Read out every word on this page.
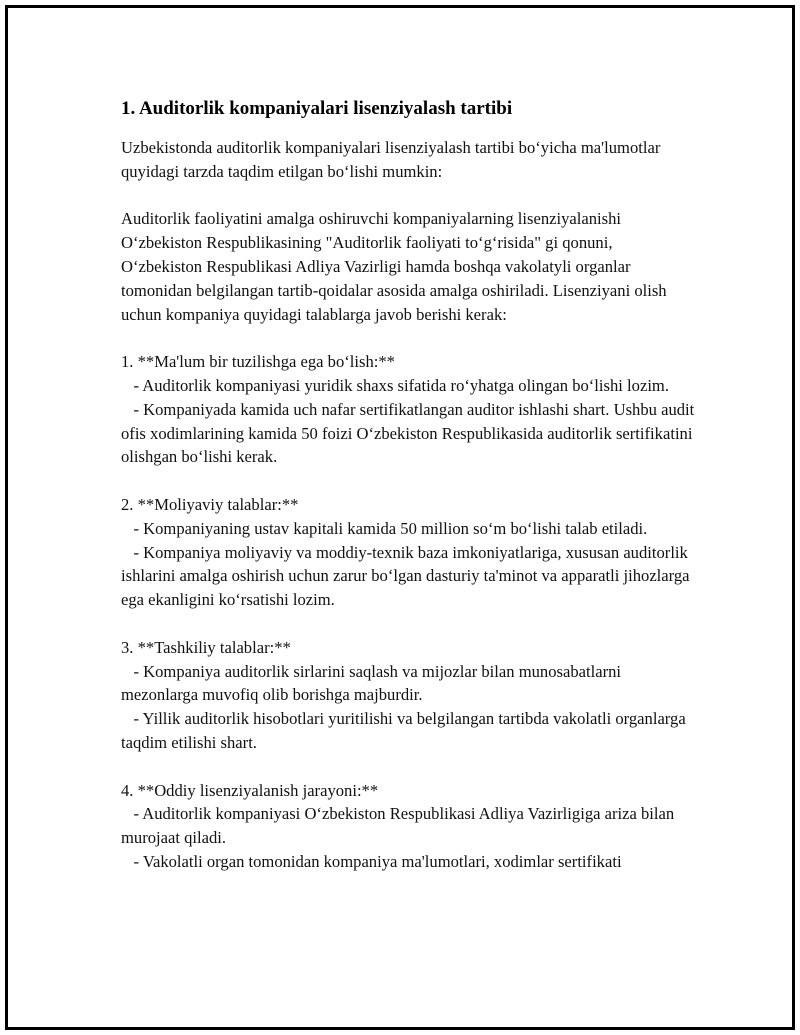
1. Auditorlik kompaniyalari lisenziyalash tartibi

Uzbekistonda auditorlik kompaniyalari lisenziyalash tartibi bo‘yicha ma'lumotlar quyidagi tarzda taqdim etilgan bo‘lishi mumkin:

Auditorlik faoliyatini amalga oshiruvchi kompaniyalarning lisenziyalanishi O‘zbekiston Respublikasining "Auditorlik faoliyati to‘g‘risida" gi qonuni, O‘zbekiston Respublikasi Adliya Vazirligi hamda boshqa vakolatyli organlar tomonidan belgilangan tartib-qoidalar asosida amalga oshiriladi. Lisenziyani olish uchun kompaniya quyidagi talablarga javob berishi kerak:

1. **Ma'lum bir tuzilishga ega bo‘lish:**

- Auditorlik kompaniyasi yuridik shaxs sifatida ro‘yhatga olingan bo‘lishi lozim.

- Kompaniyada kamida uch nafar sertifikatlangan auditor ishlashi shart. Ushbu audit ofis xodimlarining kamida 50 foizi O‘zbekiston Respublikasida auditorlik sertifikatini olishgan bo‘lishi kerak.

2. **Moliyaviy talablar:**

- Kompaniyaning ustav kapitali kamida 50 million so‘m bo‘lishi talab etiladi.

- Kompaniya moliyaviy va moddiy-texnik baza imkoniyatlariga, xususan auditorlik ishlarini amalga oshirish uchun zarur bo‘lgan dasturiy ta'minot va apparatli jihozlarga ega ekanligini ko‘rsatishi lozim.

3. **Tashkiliy talablar:**

- Kompaniya auditorlik sirlarini saqlash va mijozlar bilan munosabatlarni mezonlarga muvofiq olib borishga majburdir.

- Yillik auditorlik hisobotlari yuritilishi va belgilangan tartibda vakolatli organlarga taqdim etilishi shart.

4. **Oddiy lisenziyalanish jarayoni:**

- Auditorlik kompaniyasi O‘zbekiston Respublikasi Adliya Vazirligiga ariza bilan murojaat qiladi.

- Vakolatli organ tomonidan kompaniya ma'lumotlari, xodimlar sertifikati
